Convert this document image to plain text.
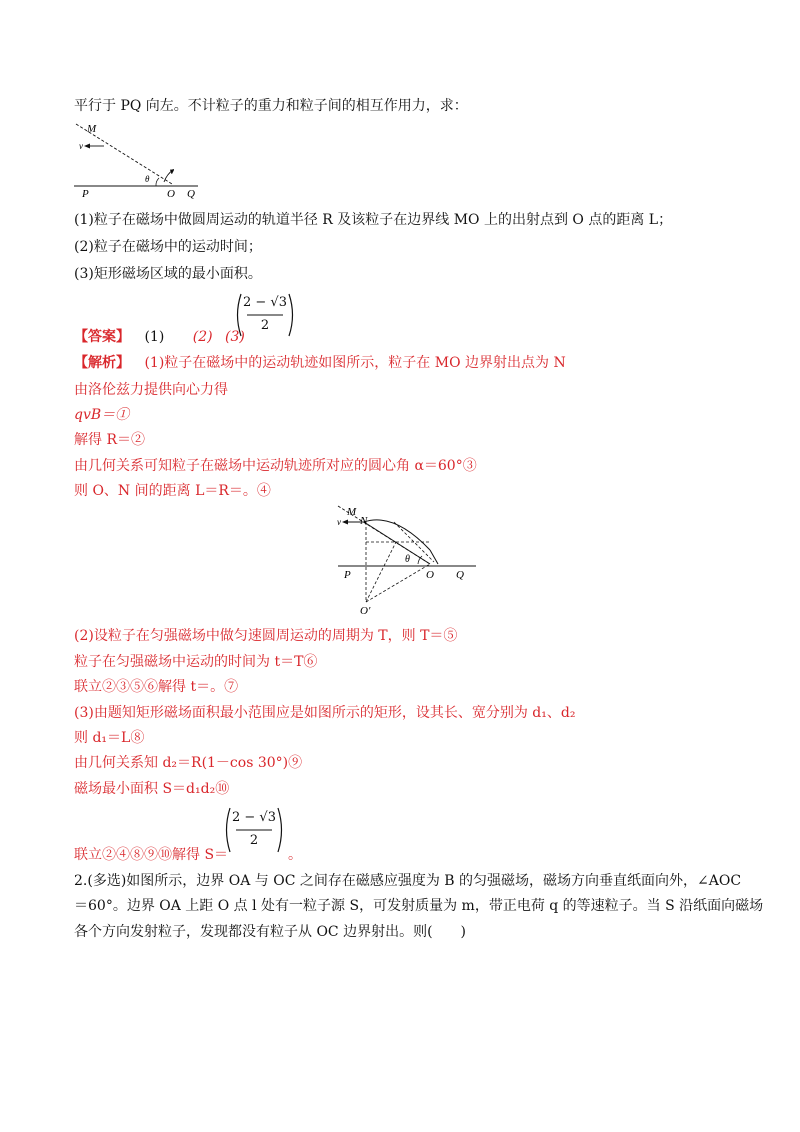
平行于 PQ 向左。不计粒子的重力和粒子间的相互作用力，求：
M
v
θ
v
P	O Q
(1)粒子在磁场中做圆周运动的轨道半径 R 及该粒子在边界线 MO 上的出射点到 O 点的距离 L；
(2)粒子在磁场中的运动时间；
(3)矩形磁场区域的最小面积。
【答案】 (1) (2) (3)
2 − √3
2
【解析】 (1)粒子在磁场中的运动轨迹如图所示，粒子在 MO 边界射出点为 N
由洛伦兹力提供向心力得
qvB＝①
解得 R＝②
由几何关系可知粒子在磁场中运动轨迹所对应的圆心角 α＝60°③
则 O、N 间的距离 L＝R＝。④
M
N
v
θ
P	O Q
O′
(2)设粒子在匀强磁场中做匀速圆周运动的周期为 T，则 T＝⑤
粒子在匀强磁场中运动的时间为 t＝T⑥
联立②③⑤⑥解得 t＝。⑦
(3)由题知矩形磁场面积最小范围应是如图所示的矩形，设其长、宽分别为 d₁、d₂
则 d₁＝L⑧
由几何关系知 d₂＝R(1－cos 30°)⑨
磁场最小面积 S＝d₁d₂⑩
2 − √3
2
联立②④⑧⑨⑩解得 S＝	。
2.(多选)如图所示，边界 OA 与 OC 之间存在磁感应强度为 B 的匀强磁场，磁场方向垂直纸面向外，∠AOC
＝60°。边界 OA 上距 O 点 l 处有一粒子源 S，可发射质量为 m，带正电荷 q 的等速粒子。当 S 沿纸面向磁场
各个方向发射粒子，发现都没有粒子从 OC 边界射出。则(　　)
